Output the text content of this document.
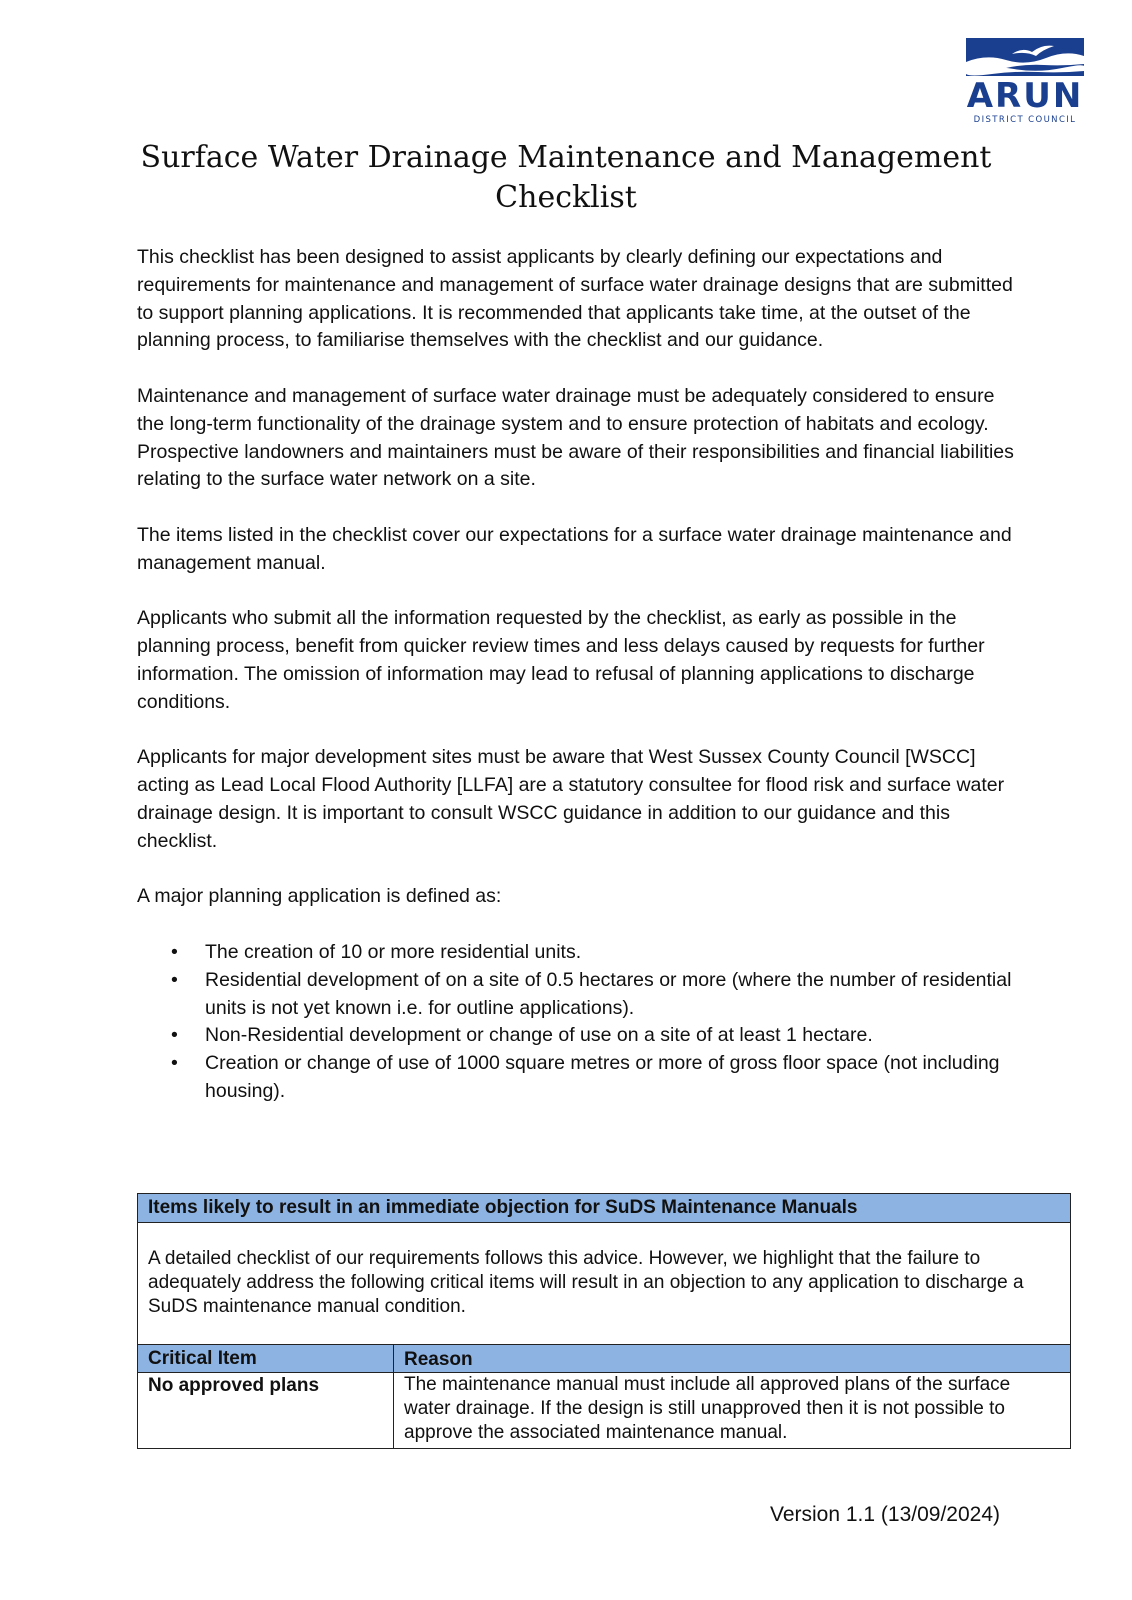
ARUN
DISTRICT COUNCIL
Surface Water Drainage Maintenance and Management Checklist

This checklist has been designed to assist applicants by clearly defining our expectations and requirements for maintenance and management of surface water drainage designs that are submitted to support planning applications. It is recommended that applicants take time, at the outset of the planning process, to familiarise themselves with the checklist and our guidance.

Maintenance and management of surface water drainage must be adequately considered to ensure the long-term functionality of the drainage system and to ensure protection of habitats and ecology. Prospective landowners and maintainers must be aware of their responsibilities and financial liabilities relating to the surface water network on a site.

The items listed in the checklist cover our expectations for a surface water drainage maintenance and management manual.

Applicants who submit all the information requested by the checklist, as early as possible in the planning process, benefit from quicker review times and less delays caused by requests for further information. The omission of information may lead to refusal of planning applications to discharge conditions.

Applicants for major development sites must be aware that West Sussex County Council [WSCC] acting as Lead Local Flood Authority [LLFA] are a statutory consultee for flood risk and surface water drainage design. It is important to consult WSCC guidance in addition to our guidance and this checklist.

A major planning application is defined as:

• The creation of 10 or more residential units.
• Residential development of on a site of 0.5 hectares or more (where the number of residential units is not yet known i.e. for outline applications).
• Non-Residential development or change of use on a site of at least 1 hectare.
• Creation or change of use of 1000 square metres or more of gross floor space (not including housing).
Items likely to result in an immediate objection for SuDS Maintenance Manuals
A detailed checklist of our requirements follows this advice. However, we highlight that the failure to adequately address the following critical items will result in an objection to any application to discharge a SuDS maintenance manual condition.
Critical Item	Reason
No approved plans	The maintenance manual must include all approved plans of the surface water drainage. If the design is still unapproved then it is not possible to approve the associated maintenance manual.
Version 1.1 (13/09/2024)
